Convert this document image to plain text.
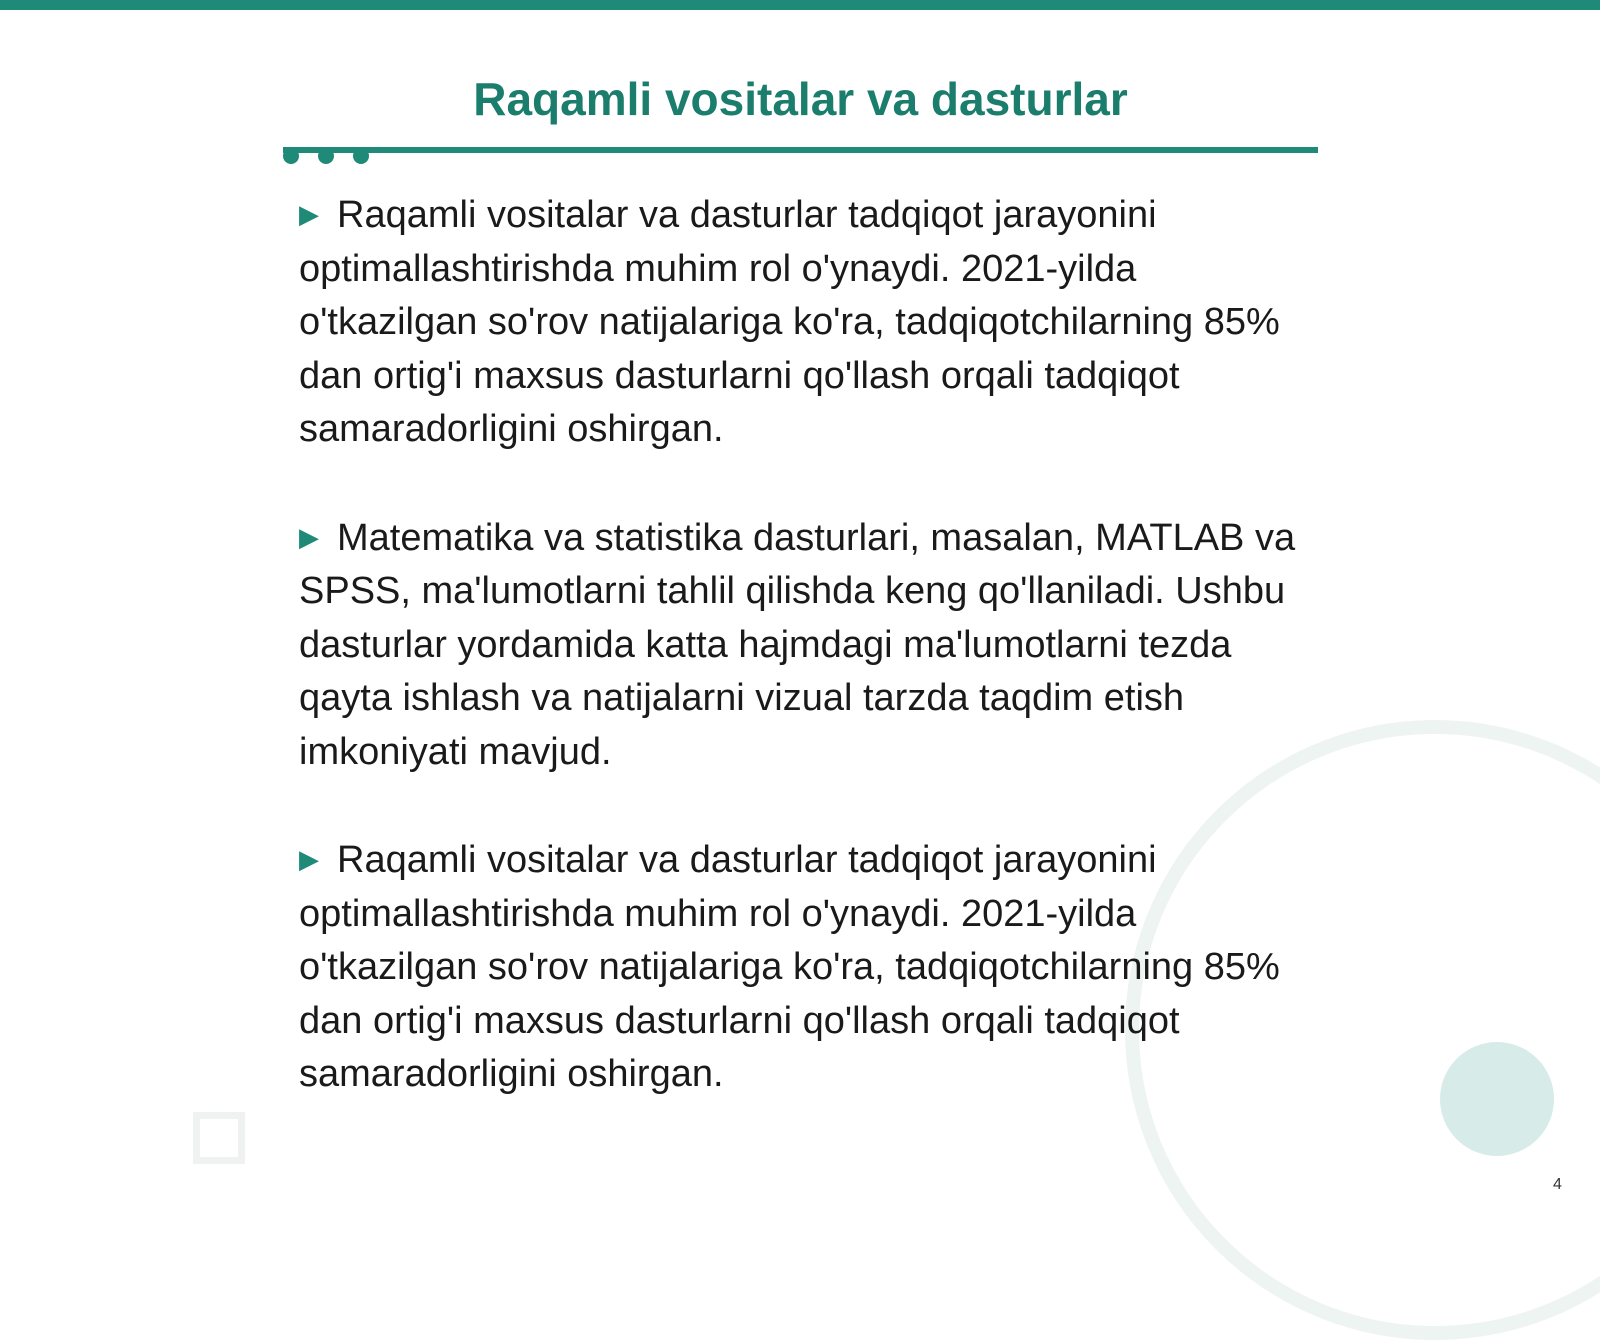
Raqamli vositalar va dasturlar

▶ Raqamli vositalar va dasturlar tadqiqot jarayonini optimallashtirishda muhim rol o'ynaydi. 2021-yilda o'tkazilgan so'rov natijalariga ko'ra, tadqiqotchilarning 85% dan ortig'i maxsus dasturlarni qo'llash orqali tadqiqot samaradorligini oshirgan.

▶ Matematika va statistika dasturlari, masalan, MATLAB va SPSS, ma'lumotlarni tahlil qilishda keng qo'llaniladi. Ushbu dasturlar yordamida katta hajmdagi ma'lumotlarni tezda qayta ishlash va natijalarni vizual tarzda taqdim etish imkoniyati mavjud.

▶ Raqamli vositalar va dasturlar tadqiqot jarayonini optimallashtirishda muhim rol o'ynaydi. 2021-yilda o'tkazilgan so'rov natijalariga ko'ra, tadqiqotchilarning 85% dan ortig'i maxsus dasturlarni qo'llash orqali tadqiqot samaradorligini oshirgan.

4
